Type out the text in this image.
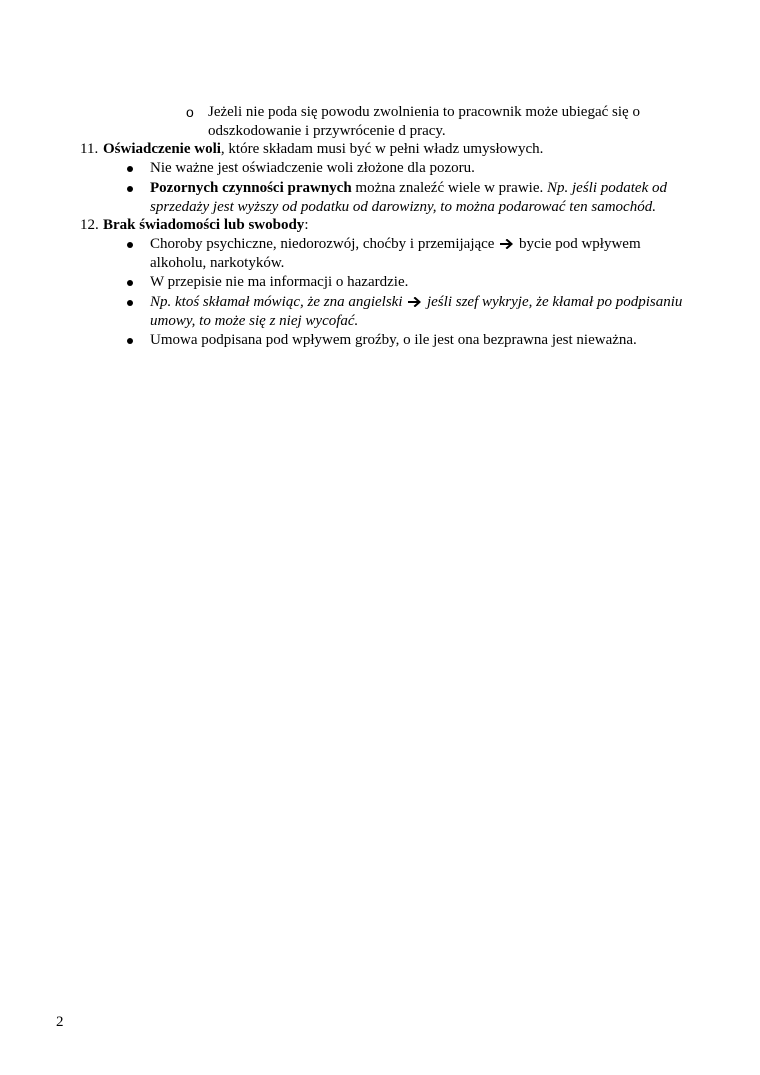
o Jeżeli nie poda się powodu zwolnienia to pracownik może ubiegać się o
odszkodowanie i przywrócenie d pracy.
11. Oświadczenie woli, które składam musi być w pełni władz umysłowych.
Nie ważne jest oświadczenie woli złożone dla pozoru.
Pozornych czynności prawnych można znaleźć wiele w prawie. Np. jeśli podatek od
sprzedaży jest wyższy od podatku od darowizny, to można podarować ten samochód.
12. Brak świadomości lub swobody:
Choroby psychiczne, niedorozwój, choćby i przemijające bycie pod wpływem
alkoholu, narkotyków.
W przepisie nie ma informacji o hazardzie.
Np. ktoś skłamał mówiąc, że zna angielski jeśli szef wykryje, że kłamał po podpisaniu
umowy, to może się z niej wycofać.
Umowa podpisana pod wpływem groźby, o ile jest ona bezprawna jest nieważna.
2
